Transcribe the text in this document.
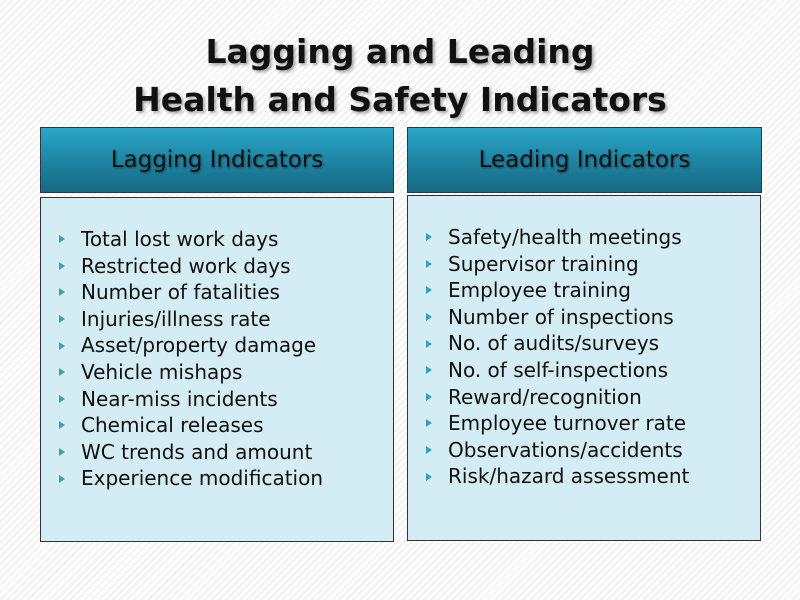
Lagging and Leading
Health and Safety Indicators
Lagging Indicators	Leading Indicators
Total lost work days
Restricted work days
Number of fatalities
Injuries/illness rate
Asset/property damage
Vehicle mishaps
Near-miss incidents
Chemical releases
WC trends and amount
Experience modification
Safety/health meetings
Supervisor training
Employee training
Number of inspections
No. of audits/surveys
No. of self-inspections
Reward/recognition
Employee turnover rate
Observations/accidents
Risk/hazard assessment
